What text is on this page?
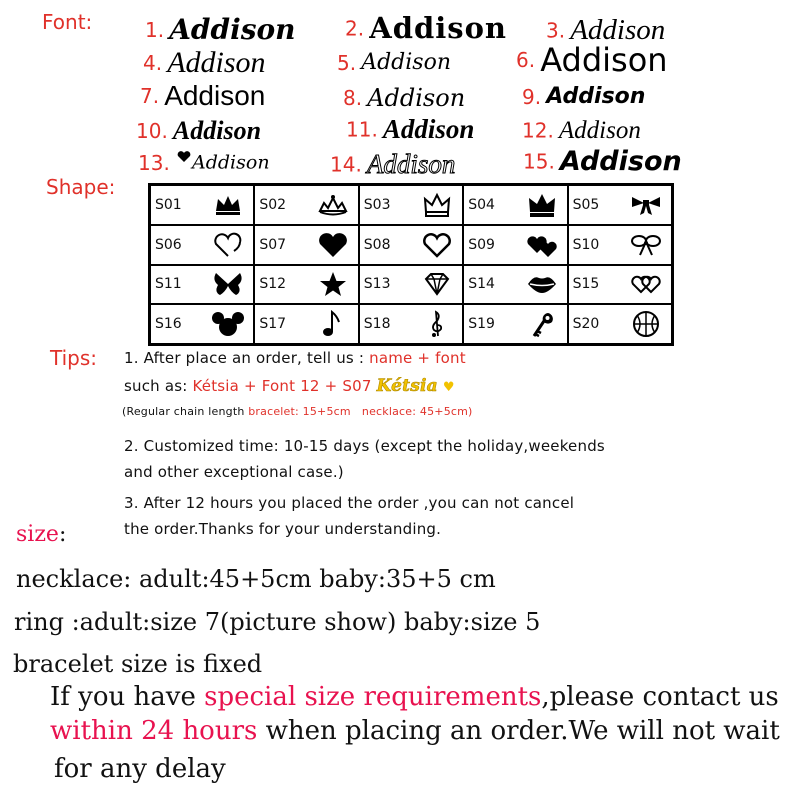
Font:	1. Addison 2. Addison 3. Addison
4. Addison	5. Addison	6. Addison
7. Addison	8. Addison	9. Addison
10. Addison	11. Addison 12. Addison
13. Addison	14. Addison	15. Addison
Shape:
S01	S02	S03	S04	S05
S06	S07	S08	S09	S10
S11	S12	S13	S14	S15
S16	S17	S18	S19	S20
Tips: 1. After place an order, tell us : name + font
such as: Kétsia + Font 12 + S07 Kétsia ♥
(Regular chain length bracelet: 15+5cm necklace: 45+5cm)
2. Customized time: 10-15 days (except the holiday,weekends
and other exceptional case.)
3. After 12 hours you placed the order ,you can not cancel
the order.Thanks for your understanding.
size:
necklace: adult:45+5cm baby:35+5 cm
ring :adult:size 7(picture show) baby:size 5
bracelet size is fixed
If you have special size requirements,please contact us
within 24 hours when placing an order.We will not wait
for any delay
